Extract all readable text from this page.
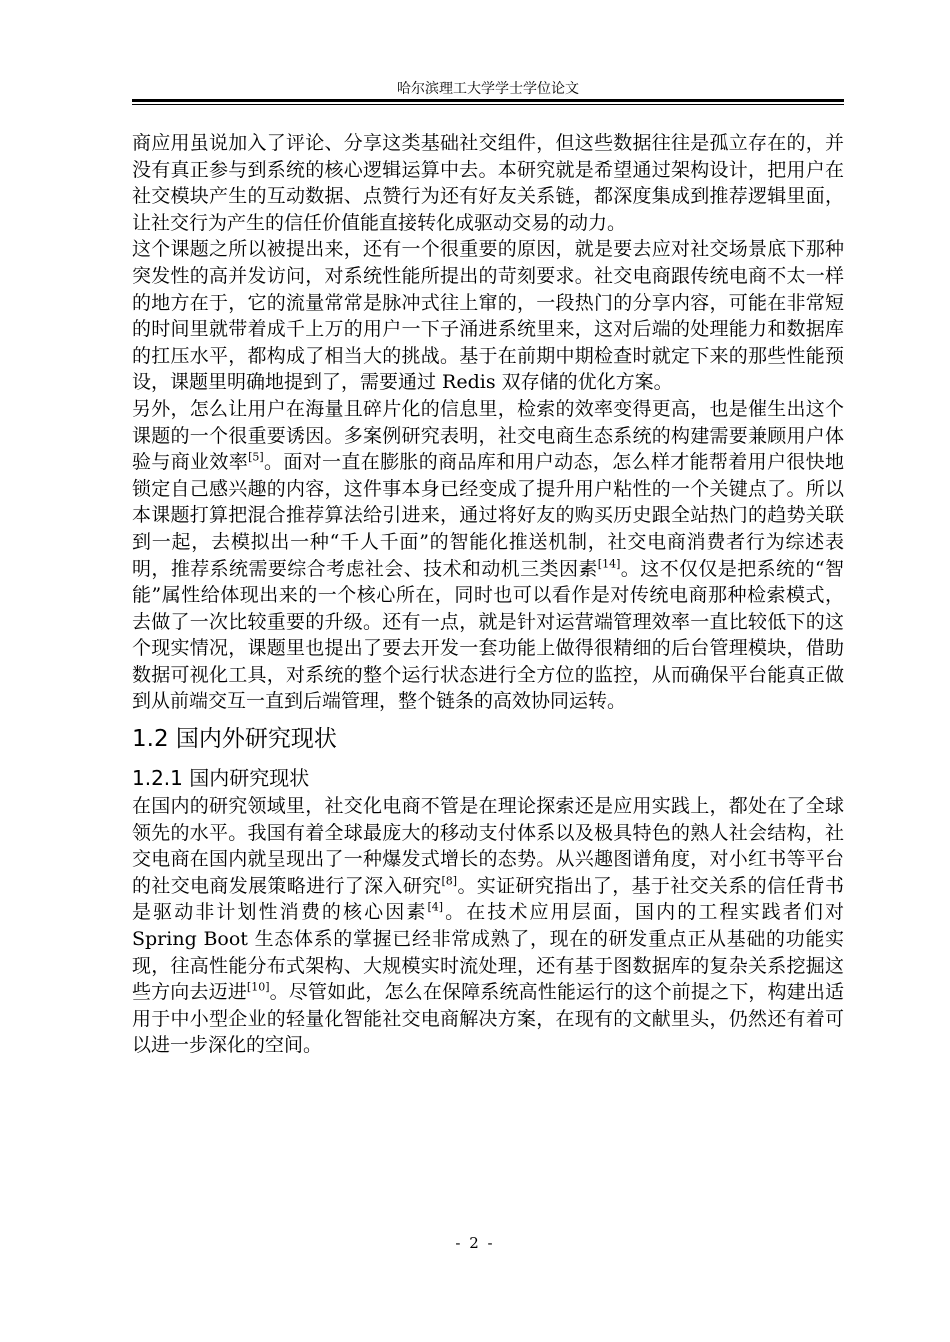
哈尔滨理工大学学士学位论文

商应用虽说加入了评论、分享这类基础社交组件，但这些数据往往是孤立存在的，并没有真正参与到系统的核心逻辑运算中去。本研究就是希望通过架构设计，把用户在社交模块产生的互动数据、点赞行为还有好友关系链，都深度集成到推荐逻辑里面，让社交行为产生的信任价值能直接转化成驱动交易的动力。

这个课题之所以被提出来，还有一个很重要的原因，就是要去应对社交场景底下那种突发性的高并发访问，对系统性能所提出的苛刻要求。社交电商跟传统电商不太一样的地方在于，它的流量常常是脉冲式往上窜的，一段热门的分享内容，可能在非常短的时间里就带着成千上万的用户一下子涌进系统里来，这对后端的处理能力和数据库的扛压水平，都构成了相当大的挑战。基于在前期中期检查时就定下来的那些性能预设，课题里明确地提到了，需要通过 Redis 双存储的优化方案。

另外，怎么让用户在海量且碎片化的信息里，检索的效率变得更高，也是催生出这个课题的一个很重要诱因。多案例研究表明，社交电商生态系统的构建需要兼顾用户体验与商业效率[5]。面对一直在膨胀的商品库和用户动态，怎么样才能帮着用户很快地锁定自己感兴趣的内容，这件事本身已经变成了提升用户粘性的一个关键点了。所以本课题打算把混合推荐算法给引进来，通过将好友的购买历史跟全站热门的趋势关联到一起，去模拟出一种“千人千面”的智能化推送机制，社交电商消费者行为综述表明，推荐系统需要综合考虑社会、技术和动机三类因素[14]。这不仅仅是把系统的“智能”属性给体现出来的一个核心所在，同时也可以看作是对传统电商那种检索模式，去做了一次比较重要的升级。还有一点，就是针对运营端管理效率一直比较低下的这个现实情况，课题里也提出了要去开发一套功能上做得很精细的后台管理模块，借助数据可视化工具，对系统的整个运行状态进行全方位的监控，从而确保平台能真正做到从前端交互一直到后端管理，整个链条的高效协同运转。

1.2 国内外研究现状
1.2.1 国内研究现状

在国内的研究领域里，社交化电商不管是在理论探索还是应用实践上，都处在了全球领先的水平。我国有着全球最庞大的移动支付体系以及极具特色的熟人社会结构，社交电商在国内就呈现出了一种爆发式增长的态势。从兴趣图谱角度，对小红书等平台的社交电商发展策略进行了深入研究[8]。实证研究指出了，基于社交关系的信任背书是驱动非计划性消费的核心因素[4]。在技术应用层面，国内的工程实践者们对 Spring Boot 生态体系的掌握已经非常成熟了，现在的研发重点正从基础的功能实现，往高性能分布式架构、大规模实时流处理，还有基于图数据库的复杂关系挖掘这些方向去迈进[10]。尽管如此，怎么在保障系统高性能运行的这个前提之下，构建出适用于中小型企业的轻量化智能社交电商解决方案，在现有的文献里头，仍然还有着可以进一步深化的空间。

- 2 -
